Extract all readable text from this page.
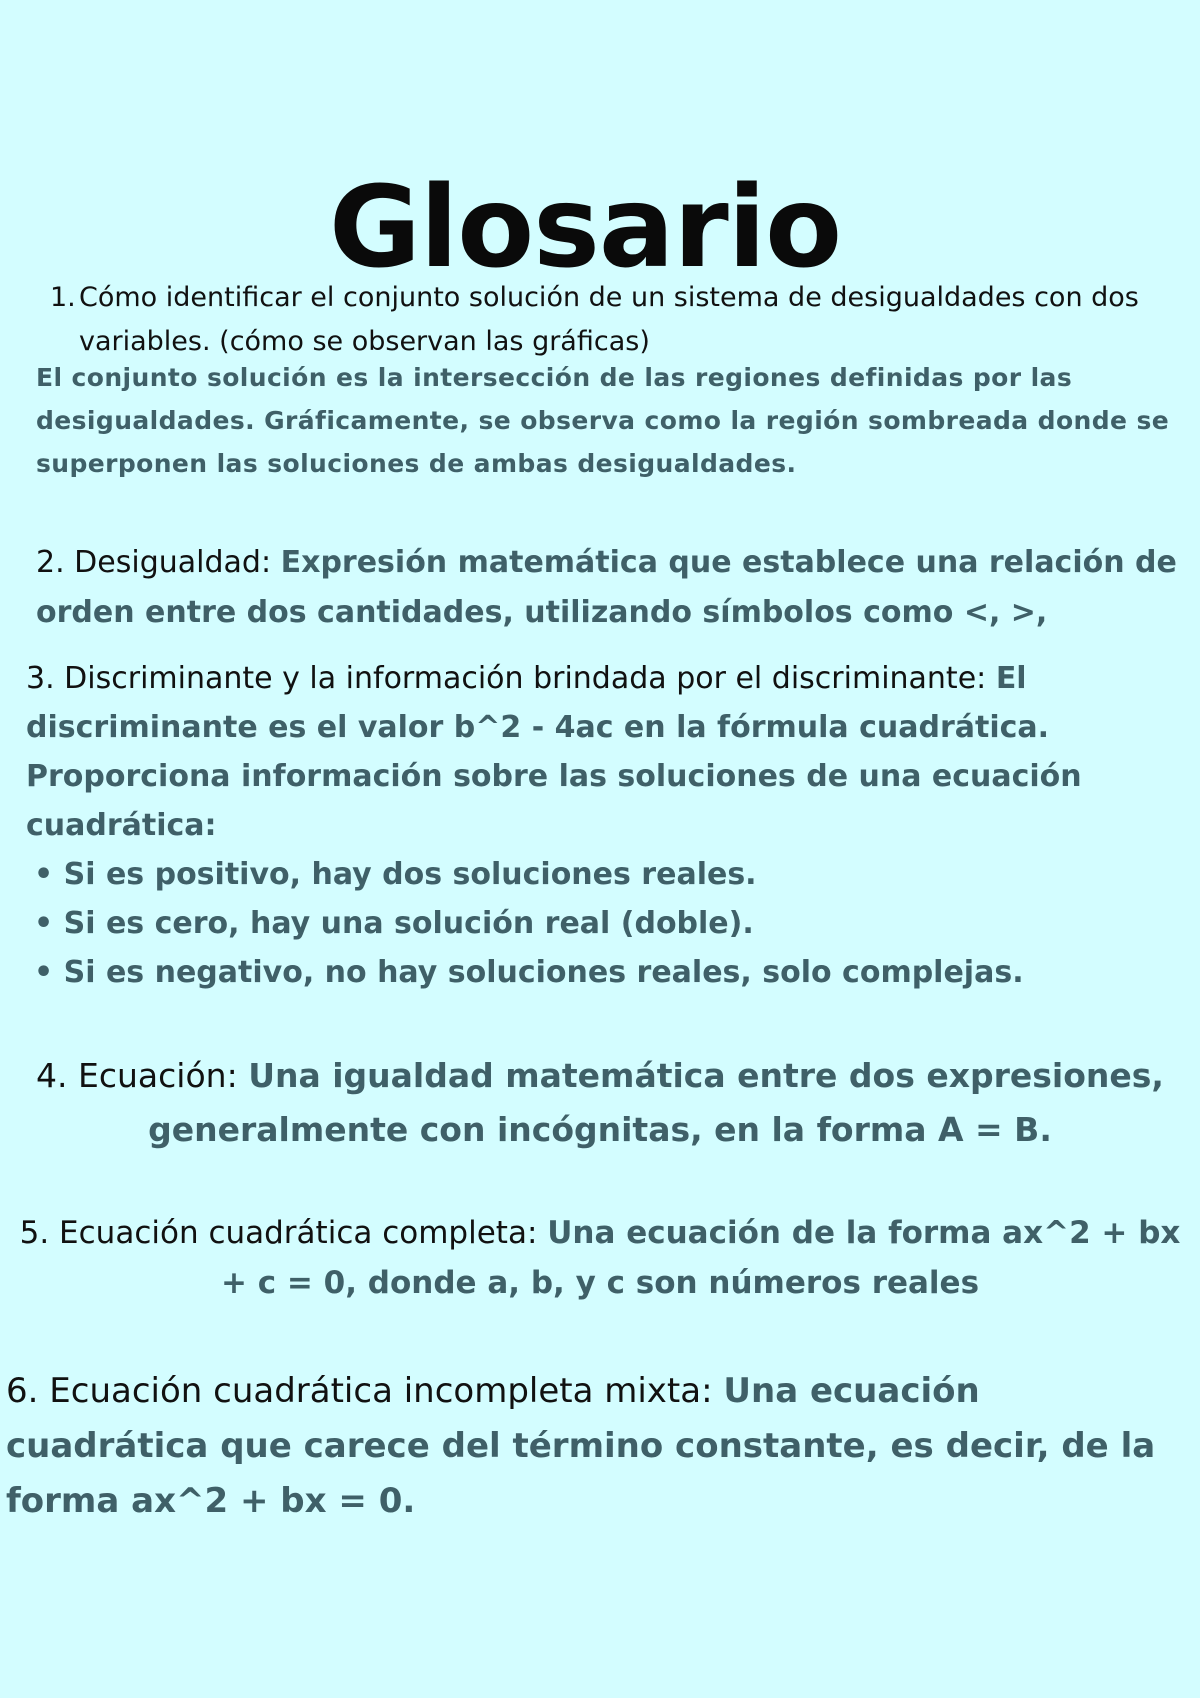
Glosario
1. Cómo identificar el conjunto solución de un sistema de desigualdades con dos variables. (cómo se observan las gráficas)

El conjunto solución es la intersección de las regiones definidas por las desigualdades. Gráficamente, se observa como la región sombreada donde se superponen las soluciones de ambas desigualdades.

2. Desigualdad: Expresión matemática que establece una relación de
orden entre dos cantidades, utilizando símbolos como <, >,

3. Discriminante y la información brindada por el discriminante: El discriminante es el valor b^2 - 4ac en la fórmula cuadrática. Proporciona información sobre las soluciones de una ecuación cuadrática:
• Si es positivo, hay dos soluciones reales.
• Si es cero, hay una solución real (doble).
• Si es negativo, no hay soluciones reales, solo complejas.

4. Ecuación: Una igualdad matemática entre dos expresiones, generalmente con incógnitas, en la forma A = B.

5. Ecuación cuadrática completa: Una ecuación de la forma ax^2 + bx
+ c = 0, donde a, b, y c son números reales

6. Ecuación cuadrática incompleta mixta: Una ecuación cuadrática que carece del término constante, es decir, de la forma ax^2 + bx = 0.
